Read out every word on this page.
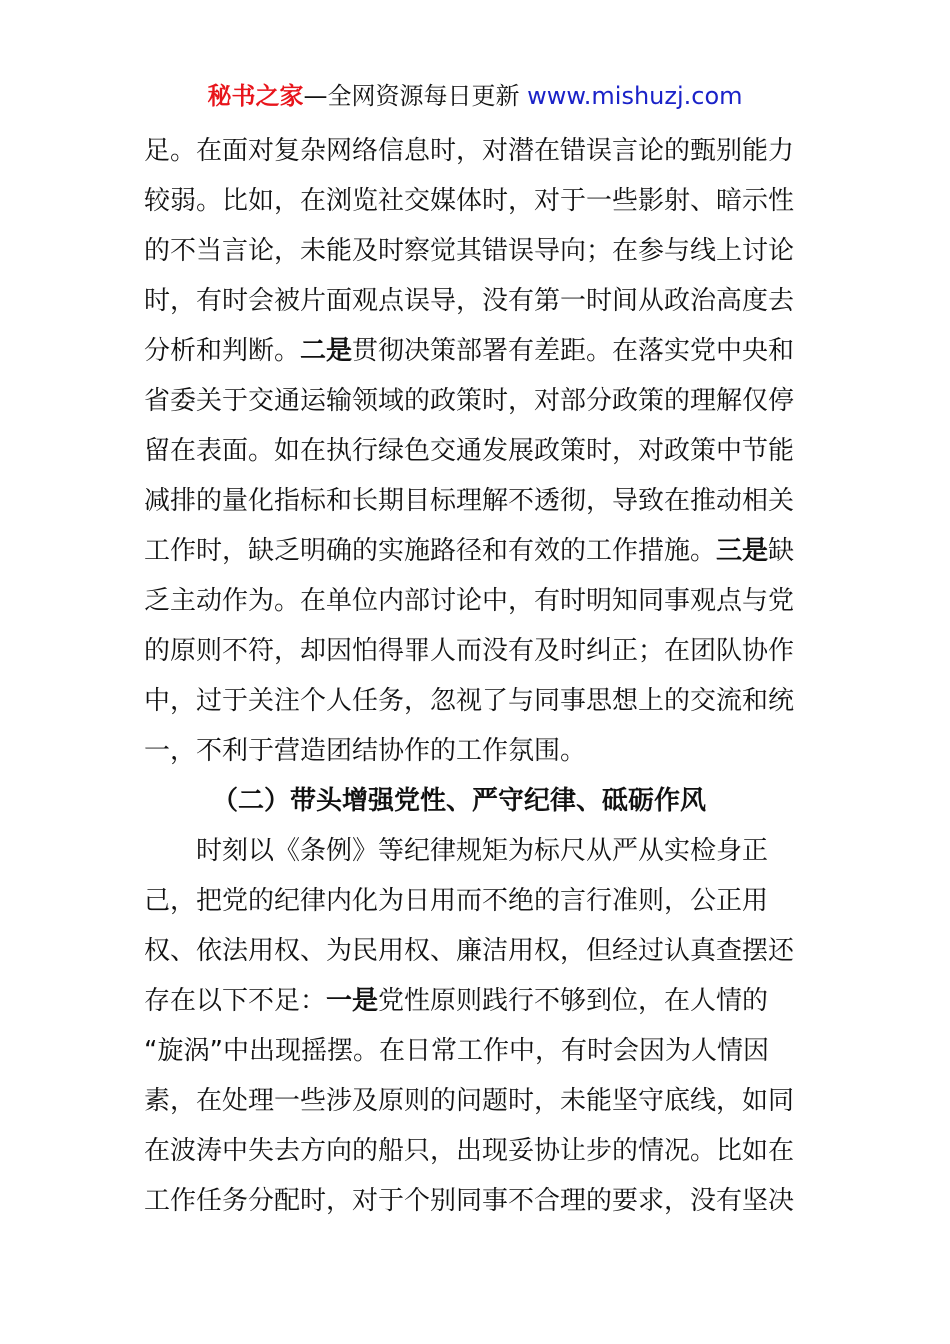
秘书之家—全网资源每日更新 www.mishuzj.com
足。在面对复杂网络信息时，对潜在错误言论的甄别能力
较弱。比如，在浏览社交媒体时，对于一些影射、暗示性
的不当言论，未能及时察觉其错误导向；在参与线上讨论
时，有时会被片面观点误导，没有第一时间从政治高度去
分析和判断。二是贯彻决策部署有差距。在落实党中央和
省委关于交通运输领域的政策时，对部分政策的理解仅停
留在表面。如在执行绿色交通发展政策时，对政策中节能
减排的量化指标和长期目标理解不透彻，导致在推动相关
工作时，缺乏明确的实施路径和有效的工作措施。三是缺
乏主动作为。在单位内部讨论中，有时明知同事观点与党
的原则不符，却因怕得罪人而没有及时纠正；在团队协作
中，过于关注个人任务，忽视了与同事思想上的交流和统
一，不利于营造团结协作的工作氛围。
（二）带头增强党性、严守纪律、砥砺作风
时刻以《条例》等纪律规矩为标尺从严从实检身正
己，把党的纪律内化为日用而不绝的言行准则，公正用
权、依法用权、为民用权、廉洁用权，但经过认真查摆还
存在以下不足：一是党性原则践行不够到位，在人情的
“旋涡”中出现摇摆。在日常工作中，有时会因为人情因
素，在处理一些涉及原则的问题时，未能坚守底线，如同
在波涛中失去方向的船只，出现妥协让步的情况。比如在
工作任务分配时，对于个别同事不合理的要求，没有坚决
